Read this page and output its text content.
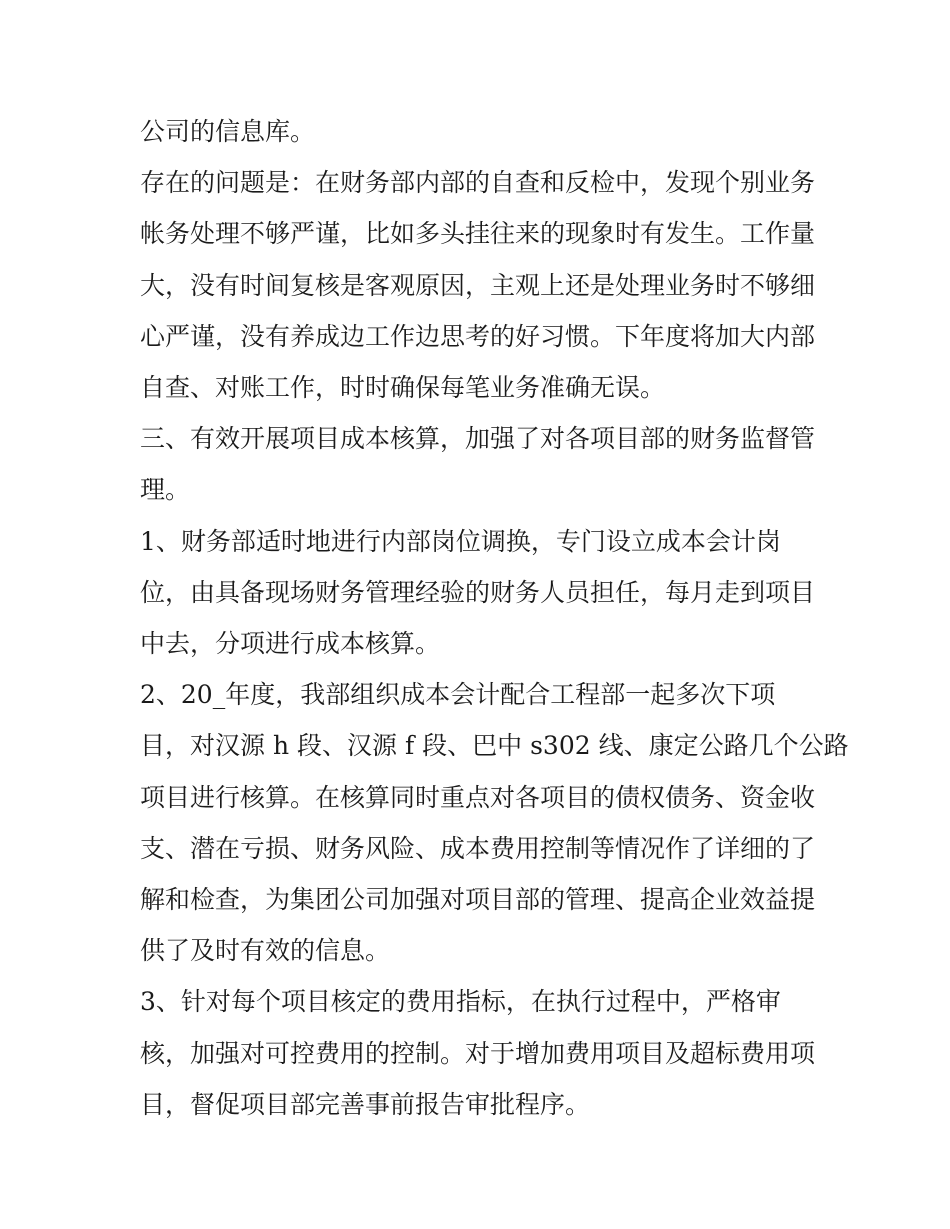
公司的信息库。

存在的问题是：在财务部内部的自查和反检中，发现个别业务

帐务处理不够严谨，比如多头挂往来的现象时有发生。工作量

大，没有时间复核是客观原因，主观上还是处理业务时不够细

心严谨，没有养成边工作边思考的好习惯。下年度将加大内部

自查、对账工作，时时确保每笔业务准确无误。

三、有效开展项目成本核算，加强了对各项目部的财务监督管

理。

1、财务部适时地进行内部岗位调换，专门设立成本会计岗

位，由具备现场财务管理经验的财务人员担任，每月走到项目

中去，分项进行成本核算。

2、20_年度，我部组织成本会计配合工程部一起多次下项

目，对汉源 h 段、汉源 f 段、巴中 s302 线、康定公路几个公路

项目进行核算。在核算同时重点对各项目的债权债务、资金收

支、潜在亏损、财务风险、成本费用控制等情况作了详细的了

解和检查，为集团公司加强对项目部的管理、提高企业效益提

供了及时有效的信息。

3、针对每个项目核定的费用指标，在执行过程中，严格审

核，加强对可控费用的控制。对于增加费用项目及超标费用项

目，督促项目部完善事前报告审批程序。
